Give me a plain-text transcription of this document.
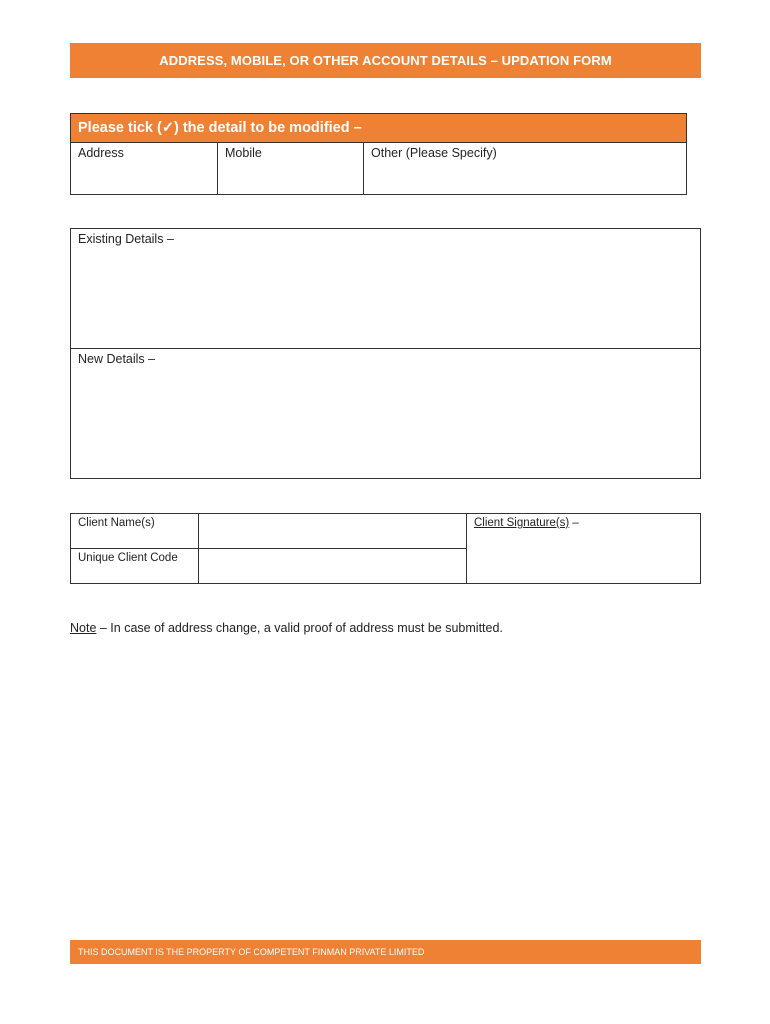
ADDRESS, MOBILE, OR OTHER ACCOUNT DETAILS – UPDATION FORM
Please tick (✓) the detail to be modified –
Address	Mobile	Other (Please Specify)
Existing Details –
New Details –
Client Name(s)
Unique Client Code
Client Signature(s) –
Note – In case of address change, a valid proof of address must be submitted.
THIS DOCUMENT IS THE PROPERTY OF COMPETENT FINMAN PRIVATE LIMITED
